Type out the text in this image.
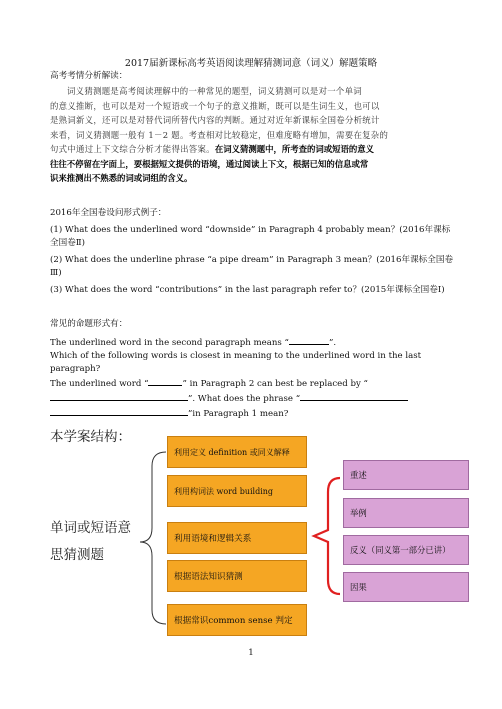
2017届新课标高考英语阅读理解猜测词意（词义）解题策略
高考考情分析解读：
词义猜测题是高考阅读理解中的一种常见的题型，词义猜测可以是对一个单词
的意义推断，也可以是对一个短语或一个句子的意义推断，既可以是生词生义，也可以
是熟词新义，还可以是对替代词所替代内容的判断。通过对近年新课标全国卷分析统计
来看，词义猜测题一般有 1－2 题。考查相对比较稳定，但难度略有增加，需要在复杂的
句式中通过上下文综合分析才能得出答案。在词义猜测题中，所考查的词或短语的意义
往往不停留在字面上，要根据短文提供的语境，通过阅读上下文，根据已知的信息或常
识来推测出不熟悉的词或词组的含义。
2016年全国卷设问形式例子：
(1) What does the underlined word “downside” in Paragraph 4 probably mean？(2016年课标
全国卷Ⅱ)
(2) What does the underline phrase “a pipe dream” in Paragraph 3 mean？(2016年课标全国卷
Ⅲ)
(3) What does the word “contributions” in the last paragraph refer to？(2015年课标全国卷Ⅰ)
常见的命题形式有：
The underlined word in the second paragraph means “	”.
Which of the following words is closest in meaning to the underlined word in the last
paragraph?
The underlined word “	” in Paragraph 2 can best be replaced by “
”. What does the phrase “
”in Paragraph 1 mean?
本学案结构：
单词或短语意
思猜测题
利用定义 definition 或同义解释
利用构词法 word building
利用语境和逻辑关系
根据语法知识猜测
根据常识common sense 判定
重述
举例
反义（同义第一部分已讲）
因果
1
